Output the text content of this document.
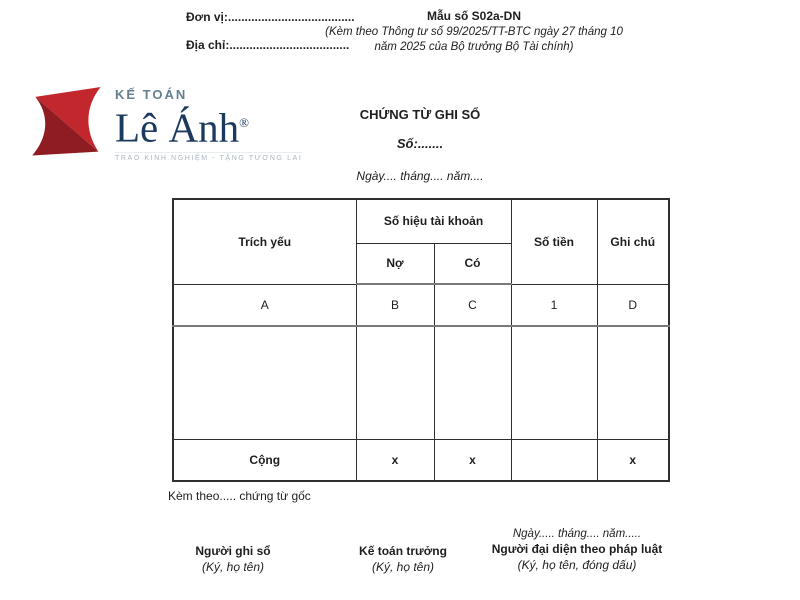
Đơn vị:......................................
Địa chỉ:....................................
Mẫu số S02a-DN
(Kèm theo Thông tư số 99/2025/TT-BTC ngày 27 tháng 10
năm 2025 của Bộ trưởng Bộ Tài chính)
KẾ TOÁN
Lê Ánh®
TRAO KINH NGHIỆM - TẶNG TƯƠNG LAI
CHỨNG TỪ GHI SỔ
Số:.......
Ngày.... tháng.... năm....
Trích yếu	Số hiệu tài khoản		Số tiền	Ghi chú
	Nợ	Có		
A	B	C	1	D

Cộng	x	x		x
Kèm theo..... chứng từ gốc
Người ghi sổ
(Ký, họ tên)
Kế toán trưởng
(Ký, họ tên)
Ngày..... tháng.... năm.....
Người đại diện theo pháp luật
(Ký, họ tên, đóng dấu)
